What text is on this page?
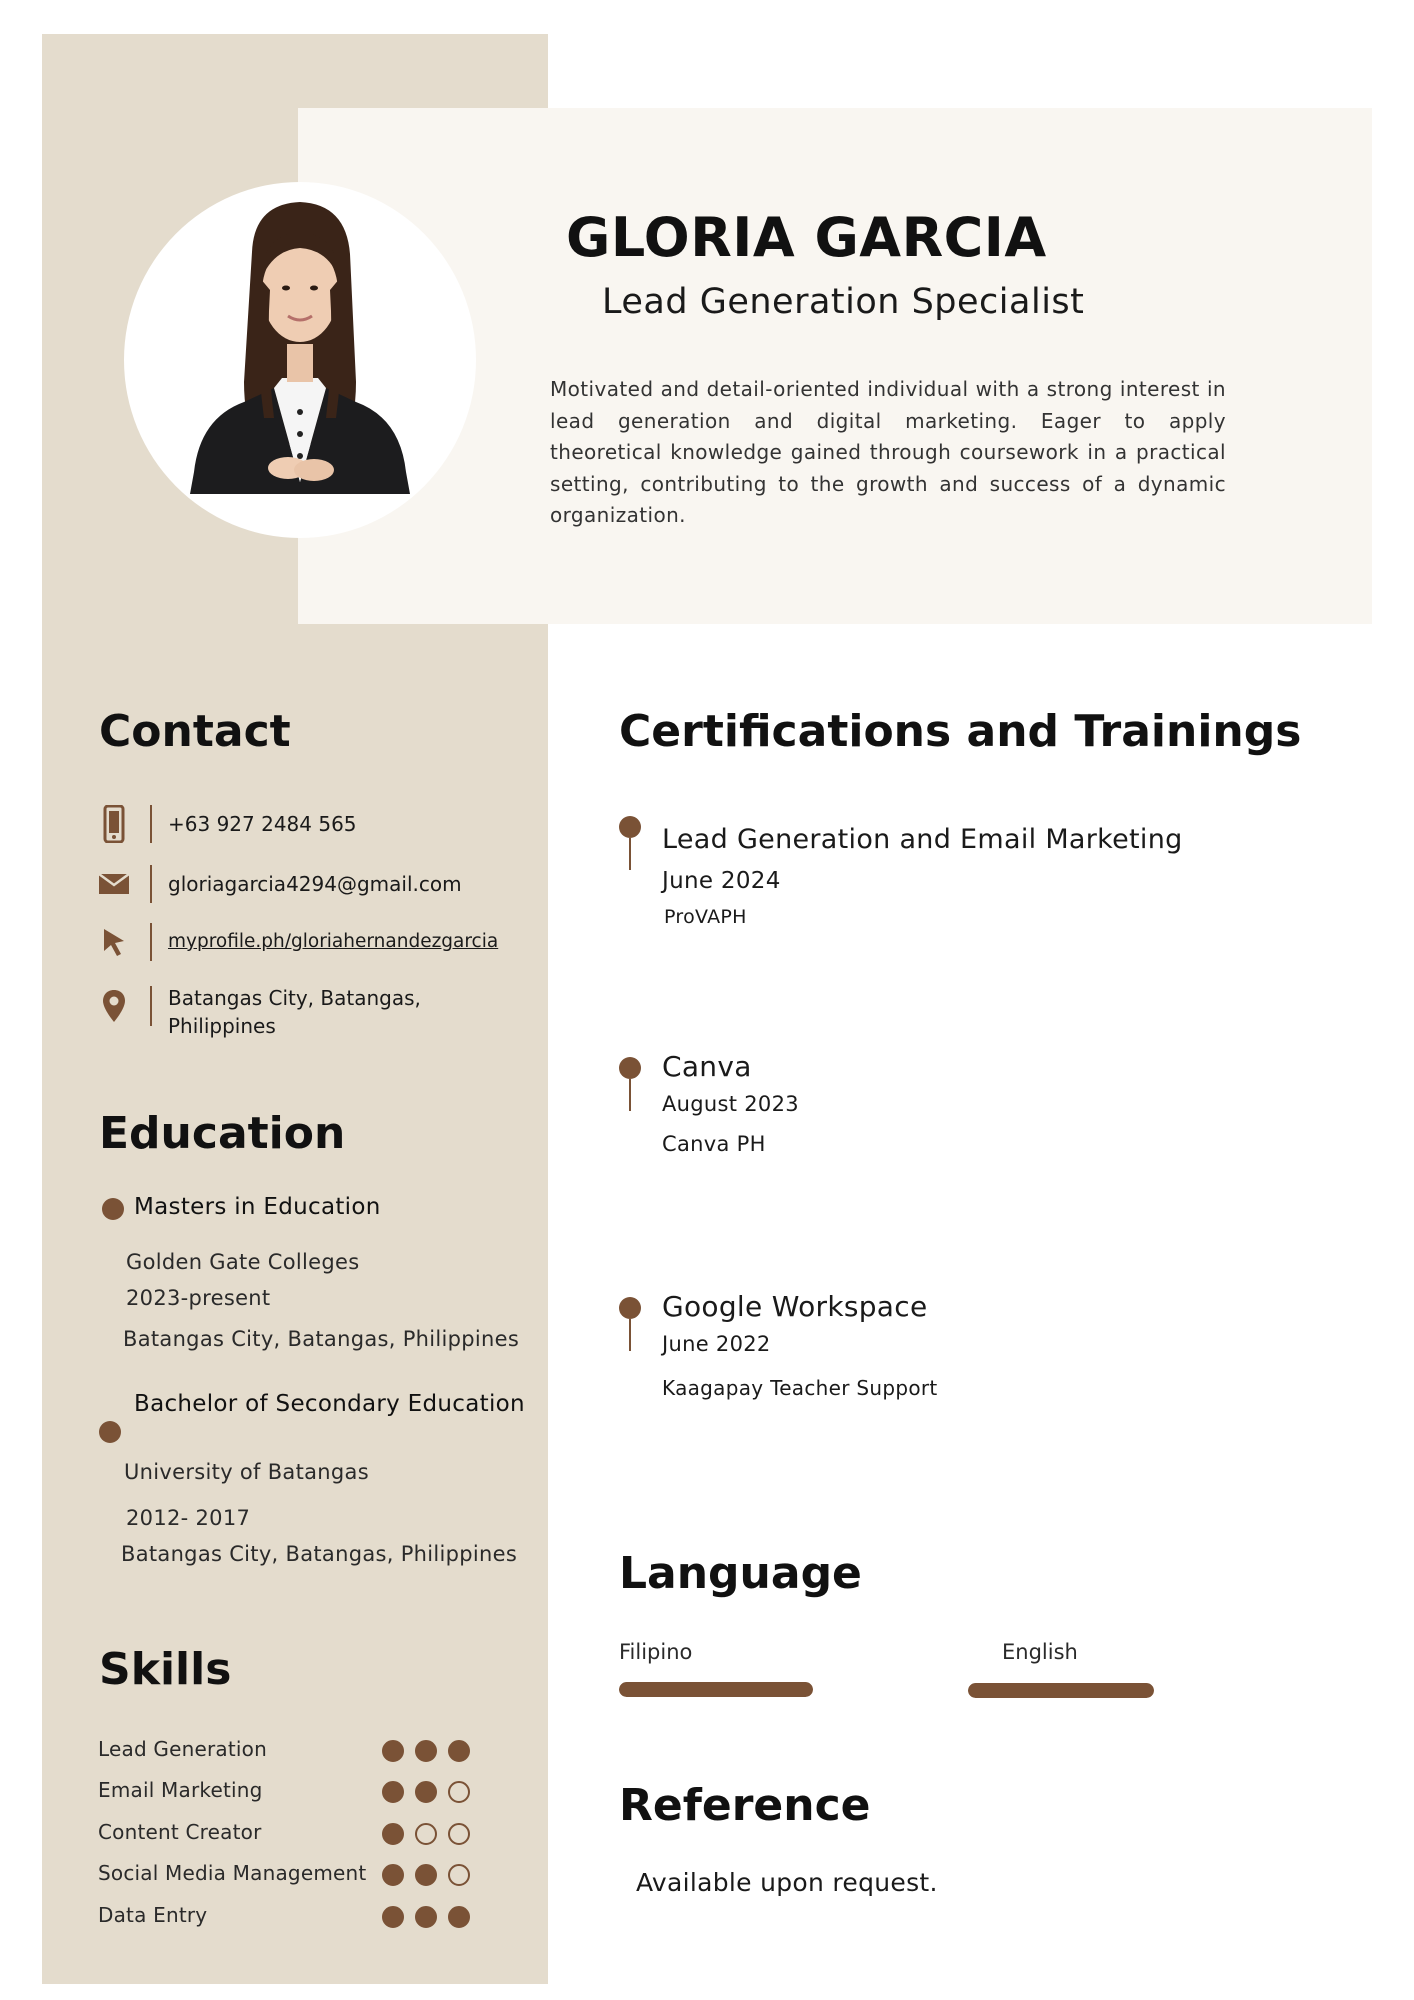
GLORIA GARCIA

Lead Generation Specialist

Motivated and detail-oriented individual with a strong interest in lead generation and digital marketing. Eager to apply theoretical knowledge gained through coursework in a practical setting, contributing to the growth and success of a dynamic organization.

Contact
+63 927 2484 565
gloriagarcia4294@gmail.com
myprofile.ph/gloriahernandezgarcia
Batangas City, Batangas,
Philippines
Education
Masters in Education
Golden Gate Colleges
2023-present
Batangas City, Batangas, Philippines
Bachelor of Secondary Education
University of Batangas
2012- 2017
Batangas City, Batangas, Philippines
Skills
Lead Generation
Email Marketing
Content Creator
Social Media Management
Data Entry
Certifications and Trainings
Lead Generation and Email Marketing
June 2024
ProVAPH
Canva
August 2023
Canva PH
Google Workspace
June 2022
Kaagapay Teacher Support
Language
Filipino	English
Reference
Available upon request.
